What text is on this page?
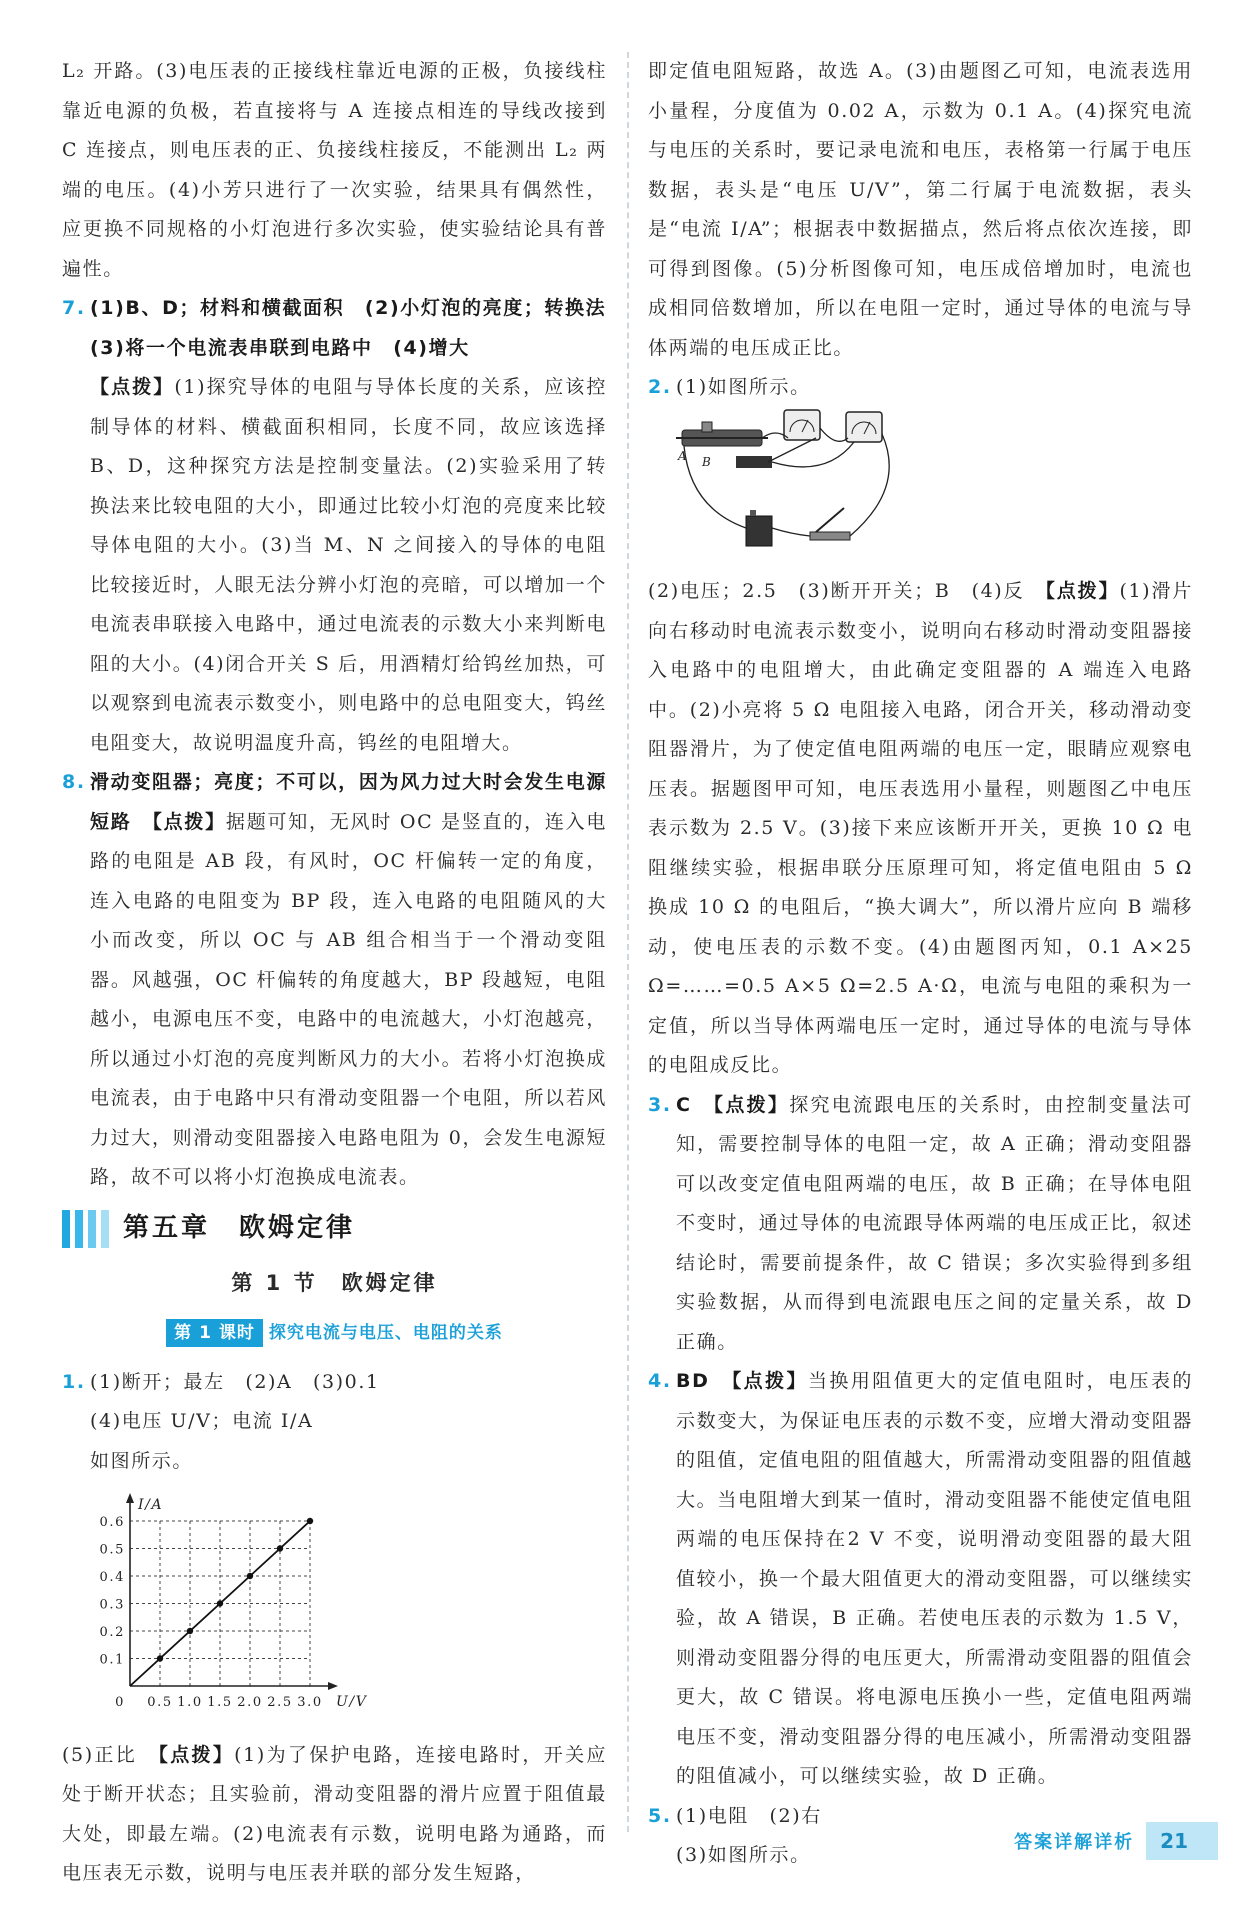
L₂ 开路。(3)电压表的正接线柱靠近电源的正极，负接线柱靠近电源的负极，若直接将与 A 连接点相连的导线改接到 C 连接点，则电压表的正、负接线柱接反，不能测出 L₂ 两端的电压。(4)小芳只进行了一次实验，结果具有偶然性，应更换不同规格的小灯泡进行多次实验，使实验结论具有普遍性。

7. (1)B、D；材料和横截面积　(2)小灯泡的亮度；转换法

(3)将一个电流表串联到电路中　(4)增大

【点拨】(1)探究导体的电阻与导体长度的关系，应该控制导体的材料、横截面积相同，长度不同，故应该选择 B、D，这种探究方法是控制变量法。(2)实验采用了转换法来比较电阻的大小，即通过比较小灯泡的亮度来比较导体电阻的大小。(3)当 M、N 之间接入的导体的电阻比较接近时，人眼无法分辨小灯泡的亮暗，可以增加一个电流表串联接入电路中，通过电流表的示数大小来判断电阻的大小。(4)闭合开关 S 后，用酒精灯给钨丝加热，可以观察到电流表示数变小，则电路中的总电阻变大，钨丝电阻变大，故说明温度升高，钨丝的电阻增大。

8. 滑动变阻器；亮度；不可以，因为风力过大时会发生电源短路　 【点拨】据题可知，无风时 OC 是竖直的，连入电路的电阻是 AB 段，有风时，OC 杆偏转一定的角度，连入电路的电阻变为 BP 段，连入电路的电阻随风的大小而改变，所以 OC 与 AB 组合相当于一个滑动变阻器。风越强，OC 杆偏转的角度越大，BP 段越短，电阻越小，电源电压不变，电路中的电流越大，小灯泡越亮，所以通过小灯泡的亮度判断风力的大小。若将小灯泡换成电流表，由于电路中只有滑动变阻器一个电阻，所以若风力过大，则滑动变阻器接入电路电阻为 0，会发生电源短路，故不可以将小灯泡换成电流表。

第五章　欧姆定律
第 1 节　欧姆定律
第 1 课时 探究电流与电压、电阻的关系
1. (1)断开；最左　(2)A　(3)0.1

(4)电压 U/V；电流 I/A

如图所示。

0.1
0.2
0.3
0.4
0.5
0.6
0 0.5 1.0 1.5 2.0 2.5 3.0
I/A
U/V

(5)正比　【点拨】(1)为了保护电路，连接电路时，开关应处于断开状态；且实验前，滑动变阻器的滑片应置于阻值最大处，即最左端。(2)电流表有示数，说明电路为通路，而电压表无示数，说明与电压表并联的部分发生短路，

即定值电阻短路，故选 A。(3)由题图乙可知，电流表选用小量程，分度值为 0.02 A，示数为 0.1 A。(4)探究电流与电压的关系时，要记录电流和电压，表格第一行属于电压数据，表头是“电压 U/V”，第二行属于电流数据，表头是“电流 I/A”；根据表中数据描点，然后将点依次连接，即可得到图像。(5)分析图像可知，电压成倍增加时，电流也成相同倍数增加，所以在电阻一定时，通过导体的电流与导体两端的电压成正比。

2. (1)如图所示。

A B

(2)电压；2.5　(3)断开开关；B　(4)反　【点拨】(1)滑片向右移动时电流表示数变小，说明向右移动时滑动变阻器接入电路中的电阻增大，由此确定变阻器的 A 端连入电路中。(2)小亮将 5 Ω 电阻接入电路，闭合开关，移动滑动变阻器滑片，为了使定值电阻两端的电压一定，眼睛应观察电压表。据题图甲可知，电压表选用小量程，则题图乙中电压表示数为 2.5 V。(3)接下来应该断开开关，更换 10 Ω 电阻继续实验，根据串联分压原理可知，将定值电阻由 5 Ω 换成 10 Ω 的电阻后，“换大调大”，所以滑片应向 B 端移动，使电压表的示数不变。(4)由题图丙知，0.1 A×25 Ω=……=0.5 A×5 Ω=2.5 A·Ω，电流与电阻的乘积为一定值，所以当导体两端电压一定时，通过导体的电流与导体的电阻成反比。

3. C　 【点拨】探究电流跟电压的关系时，由控制变量法可知，需要控制导体的电阻一定，故 A 正确；滑动变阻器可以改变定值电阻两端的电压，故 B 正确；在导体电阻不变时，通过导体的电流跟导体两端的电压成正比，叙述结论时，需要前提条件，故 C 错误；多次实验得到多组实验数据，从而得到电流跟电压之间的定量关系，故 D 正确。

4. BD　 【点拨】当换用阻值更大的定值电阻时，电压表的示数变大，为保证电压表的示数不变，应增大滑动变阻器的阻值，定值电阻的阻值越大，所需滑动变阻器的阻值越大。当电阻增大到某一值时，滑动变阻器不能使定值电阻两端的电压保持在2 V 不变，说明滑动变阻器的最大阻值较小，换一个最大阻值更大的滑动变阻器，可以继续实验，故 A 错误，B 正确。若使电压表的示数为 1.5 V，则滑动变阻器分得的电压更大，所需滑动变阻器的阻值会更大，故 C 错误。将电源电压换小一些，定值电阻两端电压不变，滑动变阻器分得的电压减小，所需滑动变阻器的阻值减小，可以继续实验，故 D 正确。

5. (1)电阻　(2)右

(3)如图所示。

答案详解详析	21
